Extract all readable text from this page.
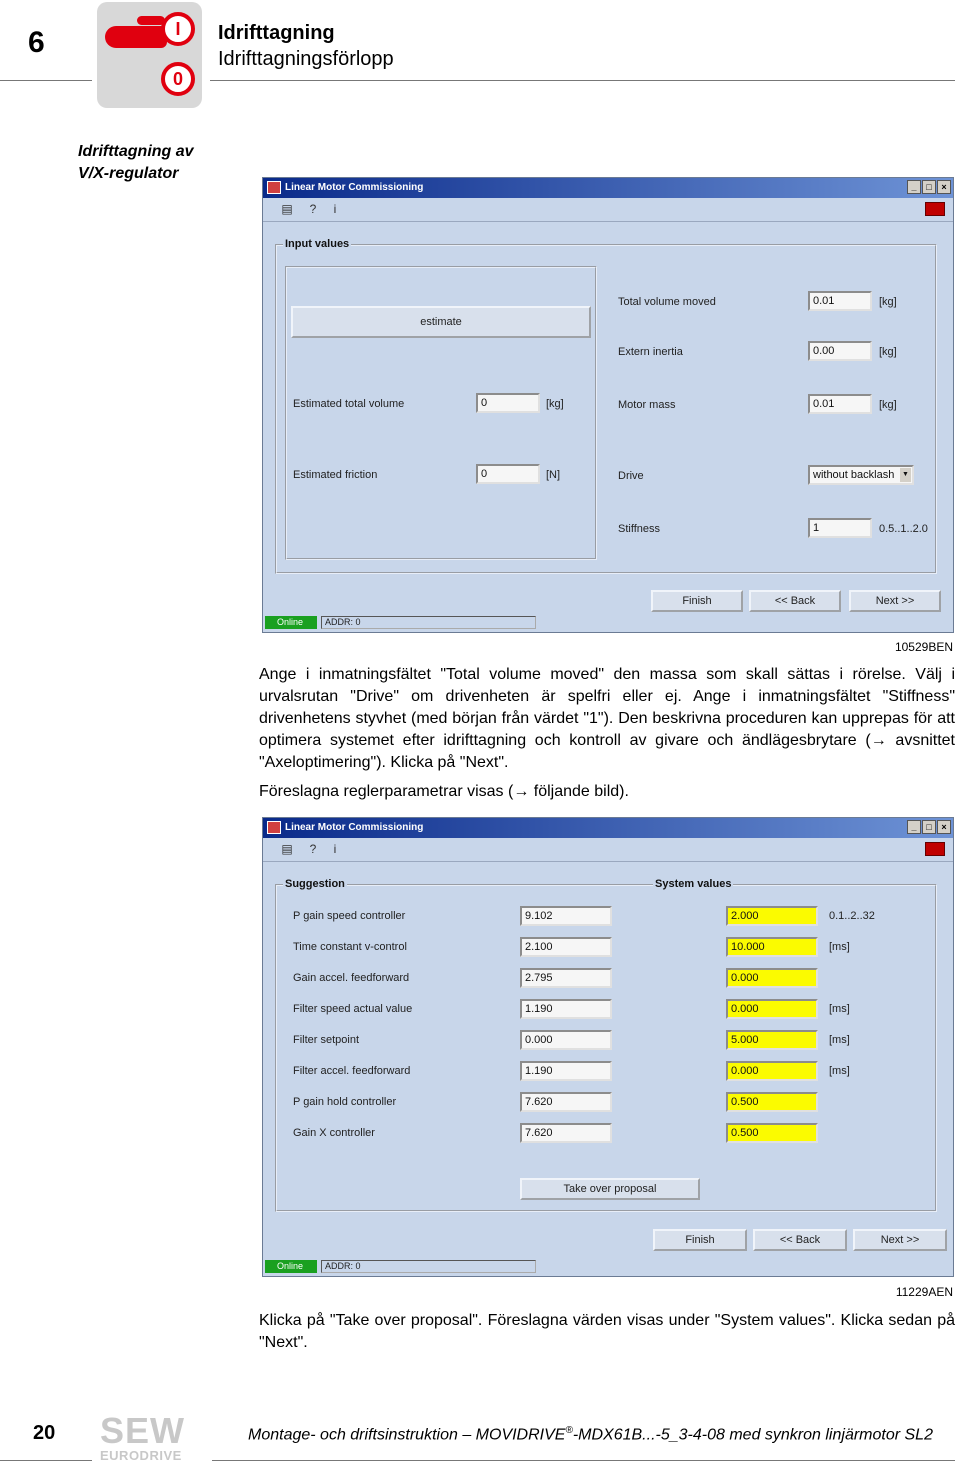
6	I
0
Idrifttagning
Idrifttagningsförlopp
Idrifttagning av
V/X-regulator
Linear Motor Commissioning	_	□	×
▤	?	i
Input values
estimate
Estimated total volume	0	[kg]
Estimated friction	0	[N]
Total volume moved	0.01	[kg]
Extern inertia	0.00	[kg]
Motor mass	0.01	[kg]
Drive	without backlash ▼
Stiffness	1	0.5..1..2.0
Finish	<< Back	Next >>
Online	ADDR: 0
10529BEN
Ange i inmatningsfältet "Total volume moved" den massa som skall sättas i rörelse. Välj i urvalsrutan "Drive" om drivenheten är spelfri eller ej. Ange i inmatningsfältet "Stiffness" drivenhetens styvhet (med början från värdet "1"). Den beskrivna proceduren kan upprepas för att optimera systemet efter idrifttagning och kontroll av givare och ändlägesbrytare (→ avsnittet "Axeloptimering"). Klicka på "Next".
Föreslagna reglerparametrar visas (→ följande bild).
Linear Motor Commissioning	_	□	×
▤	?	i
Suggestion	System values
P gain speed controller	9.102	2.000	0.1..2..32
Time constant v-control	2.100	10.000	[ms]
Gain accel. feedforward	2.795	0.000
Filter speed actual value	1.190	0.000	[ms]
Filter setpoint	0.000	5.000	[ms]
Filter accel. feedforward	1.190	0.000	[ms]
P gain hold controller	7.620	0.500
Gain X controller	7.620	0.500
Take over proposal
Finish	<< Back	Next >>
Online	ADDR: 0
11229AEN
Klicka på "Take over proposal". Föreslagna värden visas under "System values". Klicka sedan på "Next".
20 SEW
EURODRIVE
Montage- och driftsinstruktion – MOVIDRIVE®-MDX61B...-5_3-4-08 med synkron linjärmotor SL2
